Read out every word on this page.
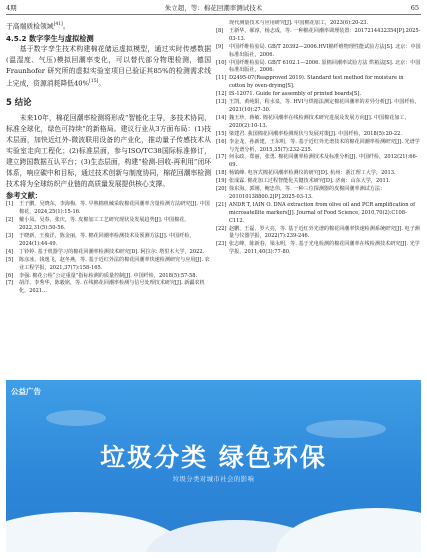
4期	朱立超，等：棉花回潮率测试技术	65
于高端质检领域[41]。
4.5.2 数字孪生与虚拟检测

基于数字孪生技术构建棉花储运虚拟模型，通过实时传感数据(温湿度、气压)模拟回潮率变化，可以替代部分物理检测，德国 Fraunhofer 研究所的虚拟实验室项目已验证其85%的检测需求线上完成，资源消耗降低40%[15]。

5 结论

未来10年，棉花回潮率检测将形成“智能化主导，多技术协同，标准全球化，绿色可持续”的新格局。建议行业从3方面布局：(1)技术层面，加快近红外-微波联用设备的产业化，推动量子传感技术从实验室走向工程化；(2)标准层面，参与ISO/TC38国际标准修订，建立跨国数据互认平台；(3)生态层面，构建“检测-回收-再利用”闭环体系，响应碳中和目标，通过技术创新与制度协同，棉花回潮率检测技术将为全球纺织产业链的高质量发展提供核心支撑。

参考文献：
[1]	王子鹏，吴晓东，李海梅，等. 早熟棉机械采收棉花回潮率含量检测方法研究[J]. 中国棉花，2024,25(1):15-16.
[2]	戴小凤，吴春，张庆，等. 皮棉加工工艺研究现状及发展趋势[J]. 中国棉花，2022,31(5):50-56.
[3]	于晓新，王俊洋，陈金丽，等. 棉花回潮率检测技术及预测方法[J]. 中国纤检，2024(1):44-49.
[4]	丁铃婷. 基于机器学习的棉花回潮率检测技术研究[D]. 阿拉尔: 塔里木大学，2022.
[5]	陈彦冰，钱逸飞，赵冬燕，等. 基于近红外法的棉花回潮率快速检测研究与应用[J]. 农业工程学报，2021,37(7):158-165.
[6]	李强. 棉花公检“公定重量”指标检测的质量控制[J]. 中国纤检，2018(5):57-58.
[7]	胡洋，李秀华，陈毅铭，等. 在线棉花回潮率检测与信号处理技术研究[J]. 新疆农机化，2021...
现代测量技术与应用研究[J]. 中国棉花加工，2023(6):20-23.
[8]	王新华，郝淳，杨志成，等. 一种棉花回潮率调理装置：2017214432354[P].2025-03-13.
[9]	中国纤维检验局. GB/T 20392—2006.HVI棉纤维物理性能试验方法[S]. 北京：中国标准出版社，2006.
[10] 中国纤维检验局. GB/T 6102.1—2006. 原棉回潮率试验方法 烘箱法[S]. 北京：中国标准出版社，2006.
[11] D2495-07(Reapproved 2019). Standard test method for moisture in cotton by oven-drying[S].
[12] IS-12071. Guide for assembly of printed boards[S].
[13] 王凯，黄纯阳，程水泉，等. HVI与烘箱法测定棉花回潮率的差异分析[J]. 中国纤检，2021(10):27-30.
[14] 魏玉珍，蒋敏. 棉花回潮率在线检测技术研究进展及发展方向[J]. 中国棉花加工，2020(2):10-13.
[15] 梁建君. 我国棉花回潮率检测现状与发展对策[J]. 中国纤检，2018(5):20-22.
[16] 李金龙，孙新建，王东明，等. 基于近红外光谱技术的棉花回潮率检测研究[J]. 光谱学与光谱分析，2015,35(7):232-235.
[17] 何永政，郑丽，张勇. 棉花回潮率检测技术及标准分析[J]. 中国纤检，2012(21):66-69.
[18] 杨镇峰. 电容式棉花回潮率检测仪的研究[D]. 杭州：浙江理工大学，2013.
[19] 张成霖. 棉花加工过程智能化关键技术研究[D]. 济南：山东大学，2011.
[20] 徐东海，郭刚，鲍忠伟，等. 一种三位探测器的皮棉回潮率测试方法：201010138800.2[P].2025-03-13.
[21] ANDR T, IAIN O. DNA extraction from olive oil and PCR amplification of microsatellite markers[J]. Journal of Food Science, 2010,70(2):C108-C112.
[22] 赵鹏，王磊，罗大亮，等. 基于近红外光谱的棉花回潮率快速检测系统研究[J]. 电子测量与仪器学报，2022(7):239-246.
[23] 张志峰，陈新春，梁永明，等. 基于光电检测的棉花回潮率在线检测技术研究[J]. 光学学报，2011,40(3):77-80.
公益广告
垃圾分类 绿色环保
垃圾分类对城市社会的影响
